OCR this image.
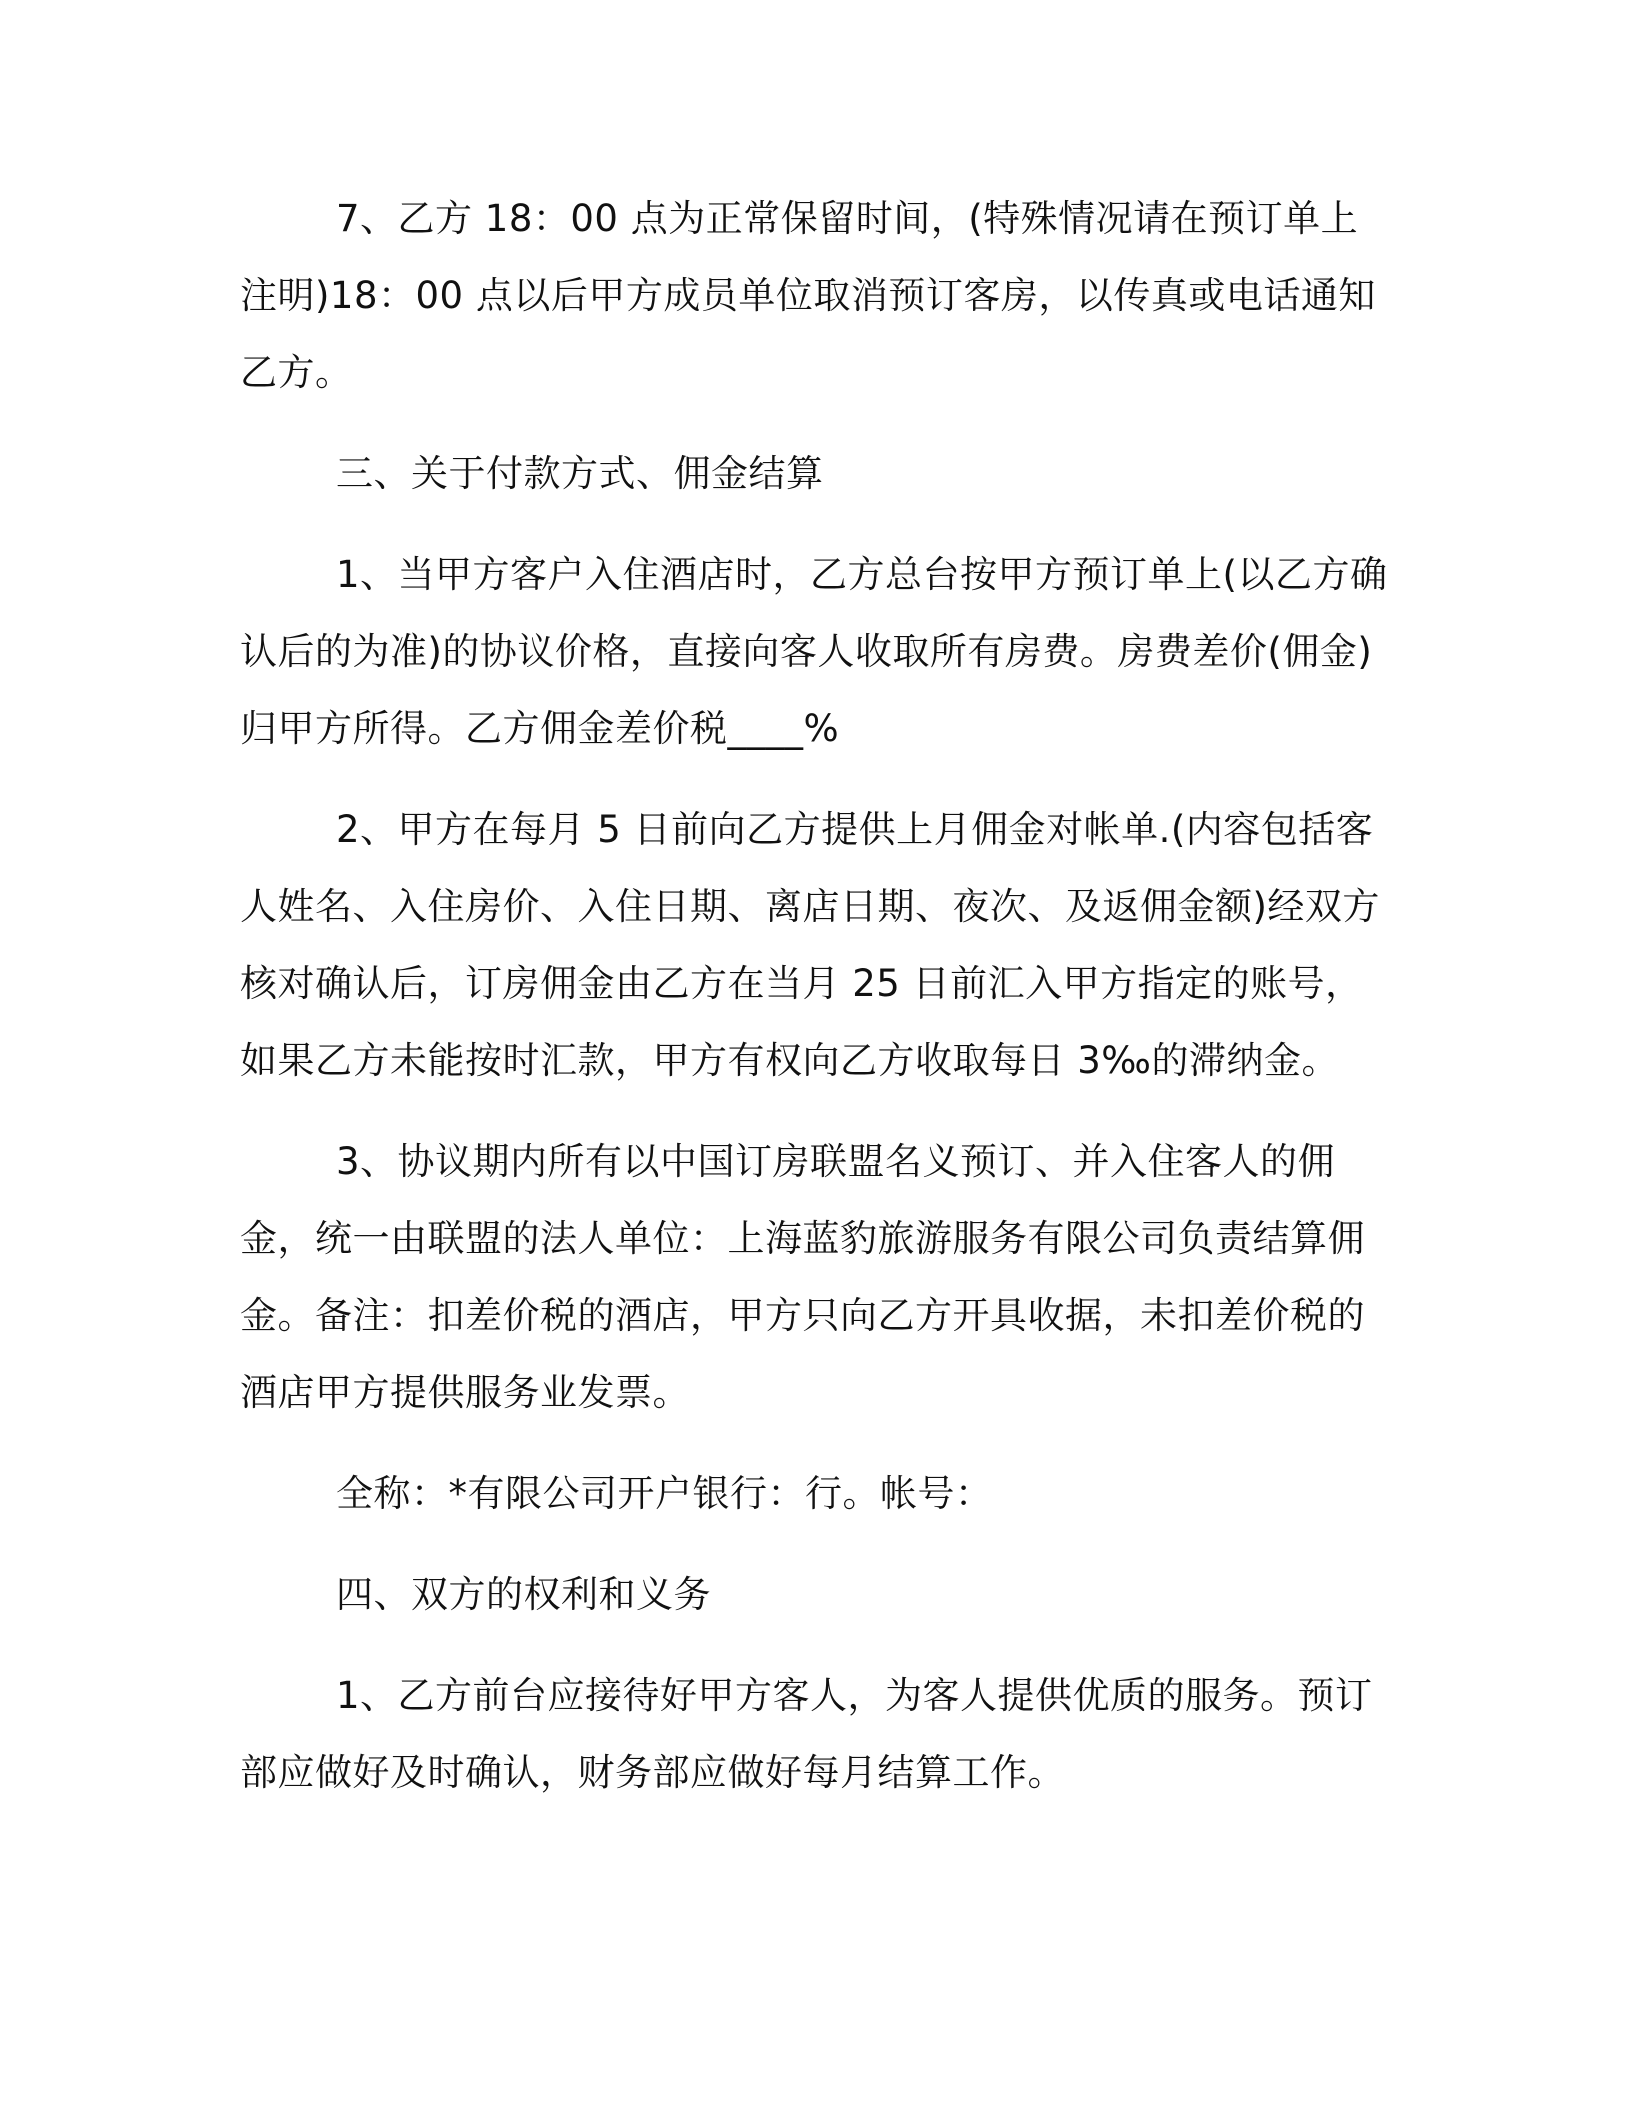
7、乙方 18：00 点为正常保留时间，(特殊情况请在预订单上注明)18：00 点以后甲方成员单位取消预订客房，以传真或电话通知乙方。

三、关于付款方式、佣金结算

1、当甲方客户入住酒店时，乙方总台按甲方预订单上(以乙方确认后的为准)的协议价格，直接向客人收取所有房费。房费差价(佣金)归甲方所得。乙方佣金差价税____%

2、甲方在每月 5 日前向乙方提供上月佣金对帐单.(内容包括客人姓名、入住房价、入住日期、离店日期、夜次、及返佣金额)经双方核对确认后，订房佣金由乙方在当月 25 日前汇入甲方指定的账号，如果乙方未能按时汇款，甲方有权向乙方收取每日 3‰的滞纳金。

3、协议期内所有以中国订房联盟名义预订、并入住客人的佣金，统一由联盟的法人单位：上海蓝豹旅游服务有限公司负责结算佣金。备注：扣差价税的酒店，甲方只向乙方开具收据，未扣差价税的酒店甲方提供服务业发票。

全称：*有限公司开户银行：行。帐号：

四、双方的权利和义务

1、乙方前台应接待好甲方客人，为客人提供优质的服务。预订部应做好及时确认，财务部应做好每月结算工作。
